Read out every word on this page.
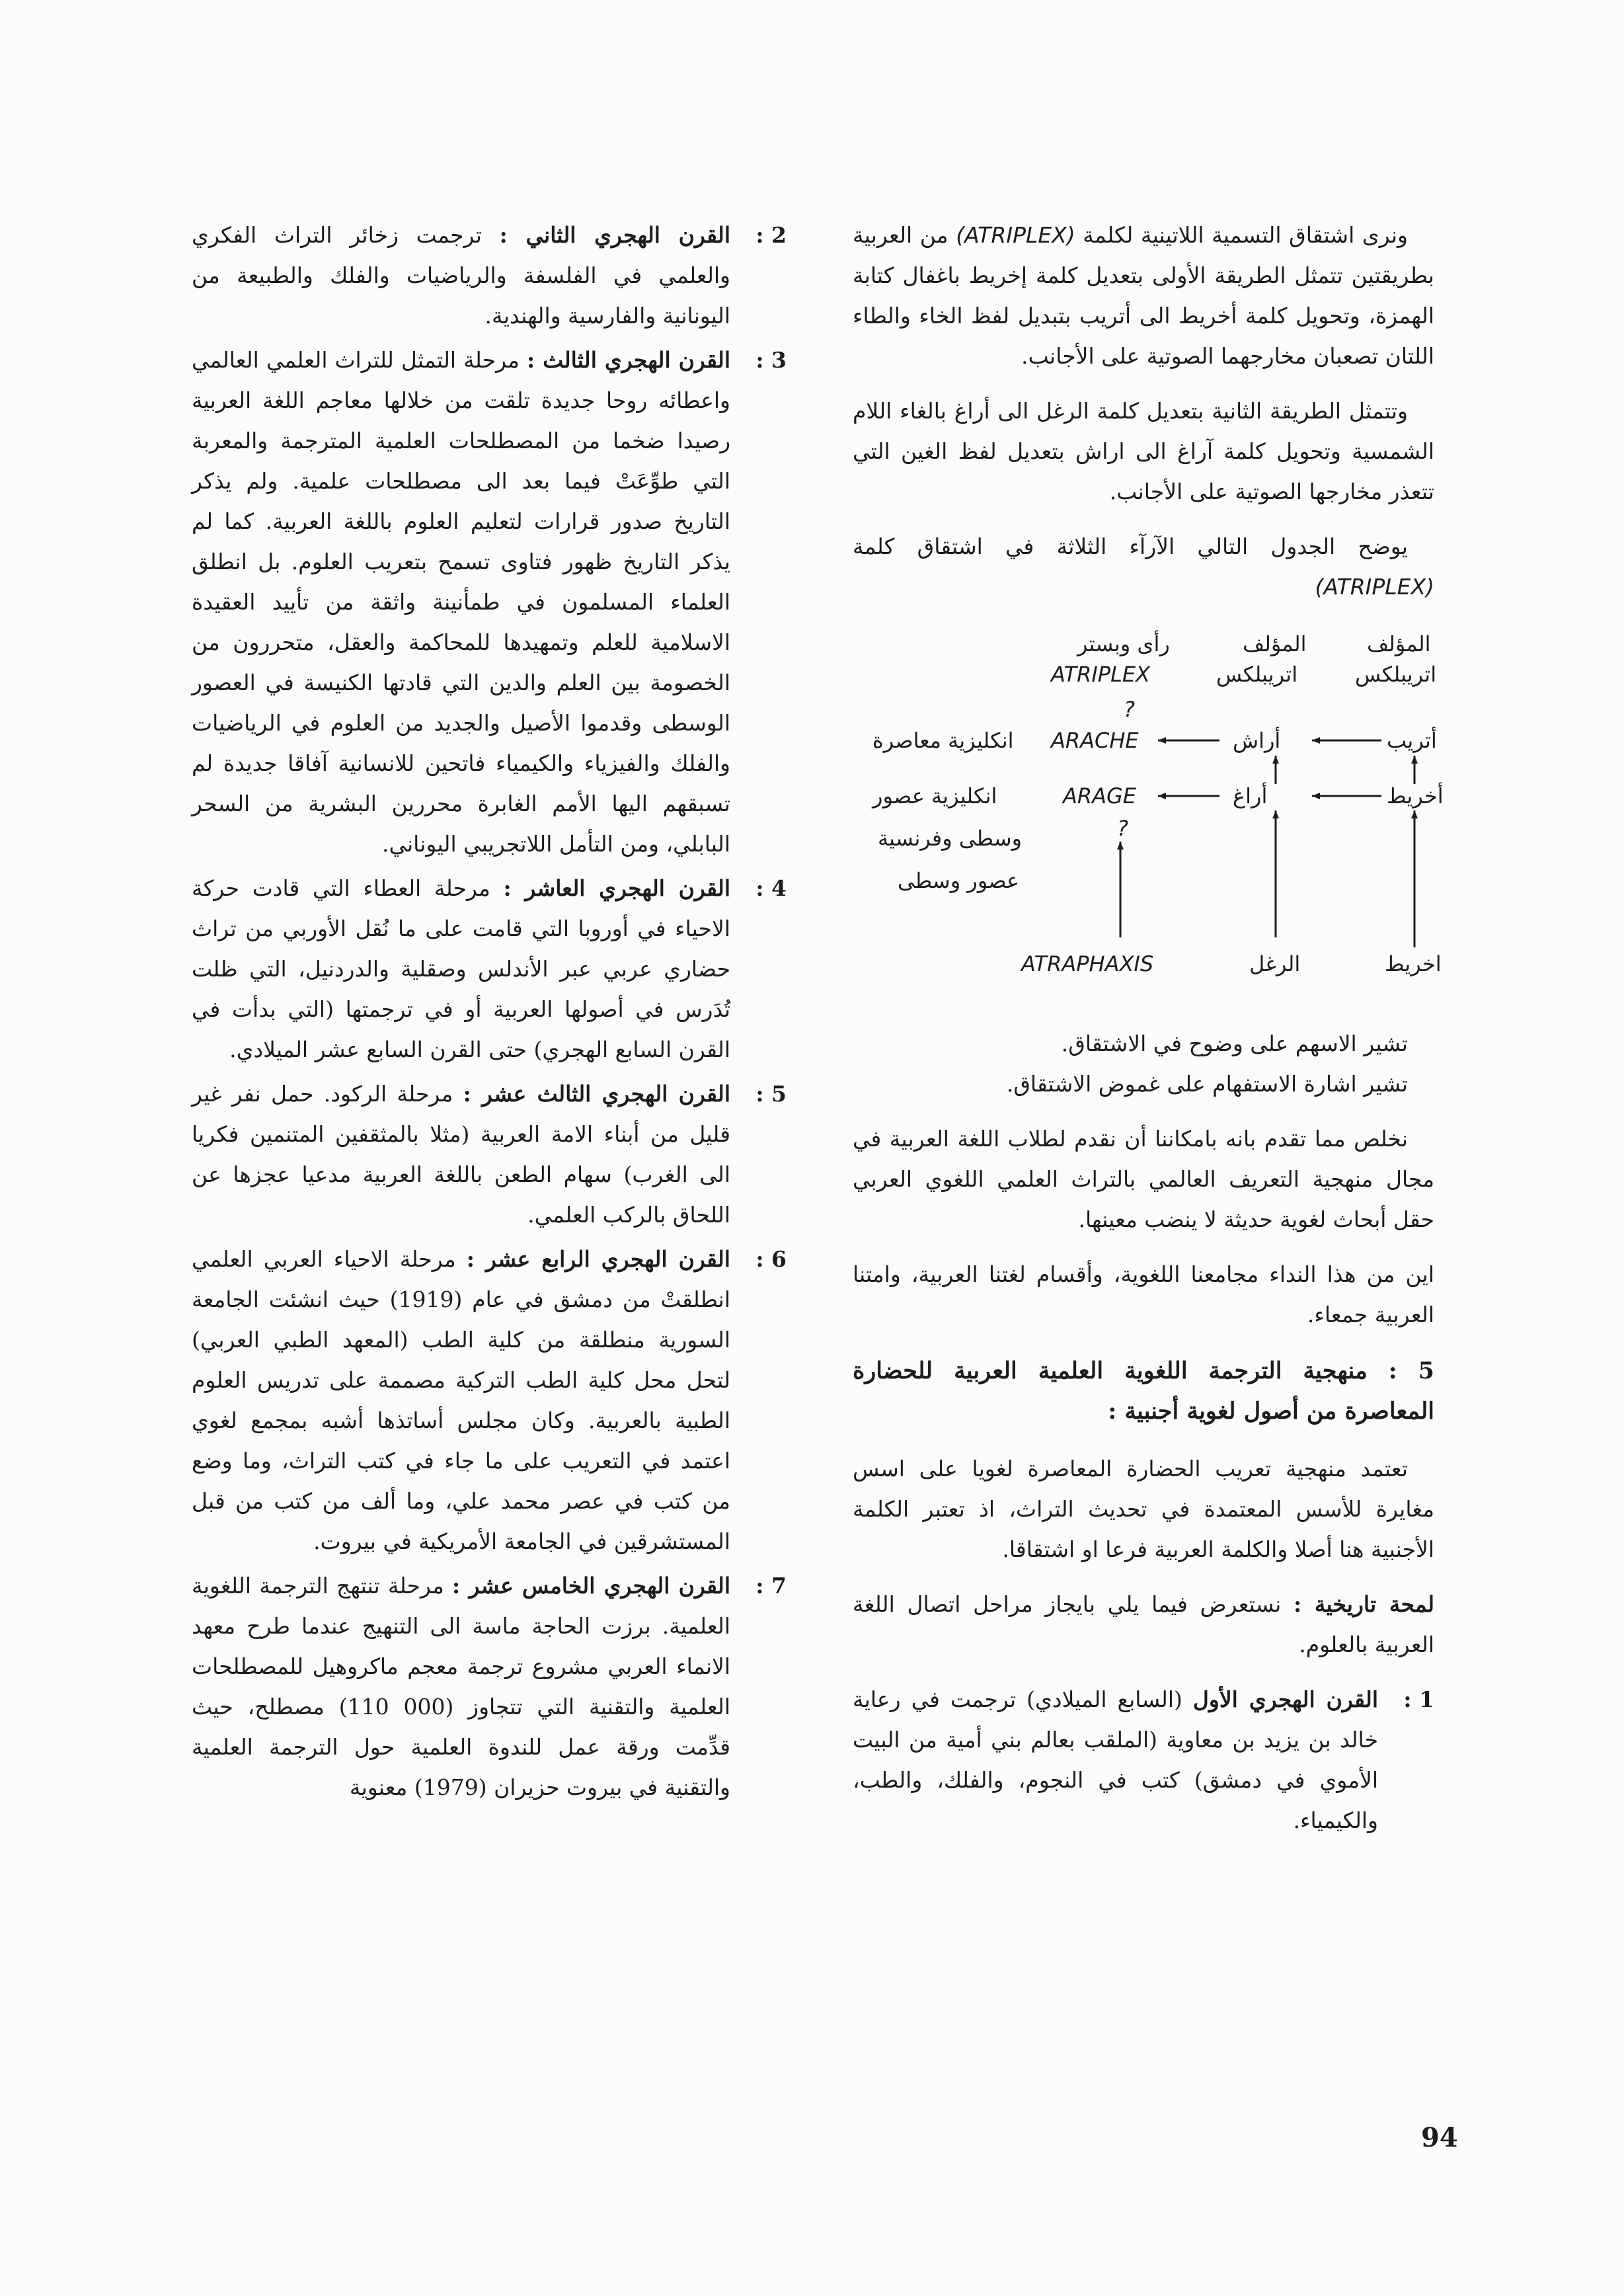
ونرى اشتقاق التسمية اللاتينية لكلمة (ATRIPLEX) من العربية بطريقتين تتمثل الطريقة الأولى بتعديل كلمة إخريط باغفال كتابة الهمزة، وتحويل كلمة أخريط الى أتريب بتبديل لفظ الخاء والطاء اللتان تصعبان مخارجهما الصوتية على الأجانب.

وتتمثل الطريقة الثانية بتعديل كلمة الرغل الى أراغ بالغاء اللام الشمسية وتحويل كلمة آراغ الى اراش بتعديل لفظ الغين التي تتعذر مخارجها الصوتية على الأجانب.

يوضح الجدول التالي الآرآء الثلاثة في اشتقاق كلمة (ATRIPLEX)

المؤلف
المؤلف
رأى وبستر
اتريبلكس
اتريبلكس
ATRIPLEX
?
أتريب
أراش
ARACHE
انكليزية معاصرة
أخريط
أراغ
ARAGE
انكليزية عصور
وسطى وفرنسية
عصور وسطى
?
اخريط
الرغل
ATRAPHAXIS

تشير الاسهم على وضوح في الاشتقاق.

تشير اشارة الاستفهام على غموض الاشتقاق.

نخلص مما تقدم بانه بامكاننا أن نقدم لطلاب اللغة العربية في مجال منهجية التعريف العالمي بالتراث العلمي اللغوي العربي حقل أبحاث لغوية حديثة لا ينضب معينها.

اين من هذا النداء مجامعنا اللغوية، وأقسام لغتنا العربية، وامتنا العربية جمعاء.

5 : منهجية الترجمة اللغوية العلمية العربية للحضارة المعاصرة من أصول لغوية أجنبية :

تعتمد منهجية تعريب الحضارة المعاصرة لغويا على اسس مغايرة للأسس المعتمدة في تحديث التراث، اذ تعتبر الكلمة الأجنبية هنا أصلا والكلمة العربية فرعا او اشتقاقا.

لمحة تاريخية : نستعرض فيما يلي بايجاز مراحل اتصال اللغة العربية بالعلوم.

1 :
القرن الهجري الأول (السابع الميلادي) ترجمت في رعاية خالد بن يزيد بن معاوية (الملقب بعالم بني أمية من البيت الأموي في دمشق) كتب في النجوم، والفلك، والطب، والكيمياء.
2 :
القرن الهجري الثاني : ترجمت زخائر التراث الفكري والعلمي في الفلسفة والرياضيات والفلك والطبيعة من اليونانية والفارسية والهندية.
3 :
القرن الهجري الثالث : مرحلة التمثل للتراث العلمي العالمي واعطائه روحا جديدة تلقت من خلالها معاجم اللغة العربية رصيدا ضخما من المصطلحات العلمية المترجمة والمعربة التي طوِّعَتْ فيما بعد الى مصطلحات علمية. ولم يذكر التاريخ صدور قرارات لتعليم العلوم باللغة العربية. كما لم يذكر التاريخ ظهور فتاوى تسمح بتعريب العلوم. بل انطلق العلماء المسلمون في طمأنينة واثقة من تأييد العقيدة الاسلامية للعلم وتمهيدها للمحاكمة والعقل، متحررون من الخصومة بين العلم والدين التي قادتها الكنيسة في العصور الوسطى وقدموا الأصيل والجديد من العلوم في الرياضيات والفلك والفيزياء والكيمياء فاتحين للانسانية آفاقا جديدة لم تسبقهم اليها الأمم الغابرة محررين البشرية من السحر البابلي، ومن التأمل اللاتجريبي اليوناني.
4 :
القرن الهجري العاشر : مرحلة العطاء التي قادت حركة الاحياء في أوروبا التي قامت على ما نُقل الأوربي من تراث حضاري عربي عبر الأندلس وصقلية والدردنيل، التي ظلت تُدَرس في أصولها العربية أو في ترجمتها (التي بدأت في القرن السابع الهجري) حتى القرن السابع عشر الميلادي.
5 :
القرن الهجري الثالث عشر : مرحلة الركود. حمل نفر غير قليل من أبناء الامة العربية (مثلا بالمثقفين المتنمين فكريا الى الغرب) سهام الطعن باللغة العربية مدعيا عجزها عن اللحاق بالركب العلمي.
6 :
القرن الهجري الرابع عشر : مرحلة الاحياء العربي العلمي انطلقتْ من دمشق في عام (1919) حيث انشئت الجامعة السورية منطلقة من كلية الطب (المعهد الطبي العربي) لتحل محل كلية الطب التركية مصممة على تدريس العلوم الطبية بالعربية. وكان مجلس أساتذها أشبه بمجمع لغوي اعتمد في التعريب على ما جاء في كتب التراث، وما وضع من كتب في عصر محمد علي، وما ألف من كتب من قبل المستشرقين في الجامعة الأمريكية في بيروت.
7 :
القرن الهجري الخامس عشر : مرحلة تنتهج الترجمة اللغوية العلمية. برزت الحاجة ماسة الى التنهيج عندما طرح معهد الانماء العربي مشروع ترجمة معجم ماكروهيل للمصطلحات العلمية والتقنية التي تتجاوز (000 110) مصطلح، حيث قدِّمت ورقة عمل للندوة العلمية حول الترجمة العلمية والتقنية في بيروت حزيران (1979) معنوية
94
